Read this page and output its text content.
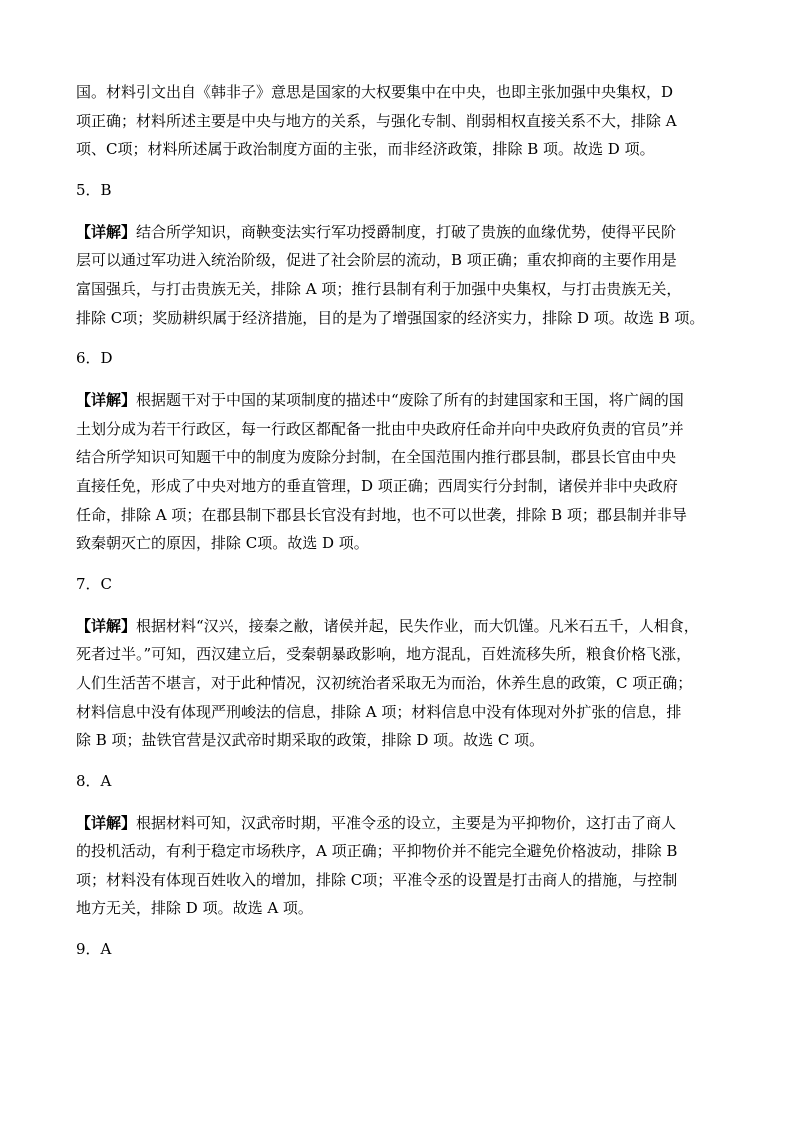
国。材料引文出自《韩非子》意思是国家的大权要集中在中央，也即主张加强中央集权，D
项正确；材料所述主要是中央与地方的关系，与强化专制、削弱相权直接关系不大，排除 A
项、C项；材料所述属于政治制度方面的主张，而非经济政策，排除 B 项。故选 D 项。
5．B
【详解】结合所学知识，商鞅变法实行军功授爵制度，打破了贵族的血缘优势，使得平民阶
层可以通过军功进入统治阶级，促进了社会阶层的流动，B 项正确；重农抑商的主要作用是
富国强兵，与打击贵族无关，排除 A 项；推行县制有利于加强中央集权，与打击贵族无关，
排除 C项；奖励耕织属于经济措施，目的是为了增强国家的经济实力，排除 D 项。故选 B 项。
6．D
【详解】根据题干对于中国的某项制度的描述中“废除了所有的封建国家和王国，将广阔的国
土划分成为若干行政区，每一行政区都配备一批由中央政府任命并向中央政府负责的官员”并
结合所学知识可知题干中的制度为废除分封制，在全国范围内推行郡县制，郡县长官由中央
直接任免，形成了中央对地方的垂直管理，D 项正确；西周实行分封制，诸侯并非中央政府
任命，排除 A 项；在郡县制下郡县长官没有封地，也不可以世袭，排除 B 项；郡县制并非导
致秦朝灭亡的原因，排除 C项。故选 D 项。
7．C
【详解】根据材料“汉兴，接秦之敝，诸侯并起，民失作业，而大饥馑。凡米石五千，人相食，
死者过半。”可知，西汉建立后，受秦朝暴政影响，地方混乱，百姓流移失所，粮食价格飞涨，
人们生活苦不堪言，对于此种情况，汉初统治者采取无为而治，休养生息的政策，C 项正确；
材料信息中没有体现严刑峻法的信息，排除 A 项；材料信息中没有体现对外扩张的信息，排
除 B 项；盐铁官营是汉武帝时期采取的政策，排除 D 项。故选 C 项。
8．A
【详解】根据材料可知，汉武帝时期，平准令丞的设立，主要是为平抑物价，这打击了商人
的投机活动，有利于稳定市场秩序，A 项正确；平抑物价并不能完全避免价格波动，排除 B
项；材料没有体现百姓收入的增加，排除 C项；平准令丞的设置是打击商人的措施，与控制
地方无关，排除 D 项。故选 A 项。
9．A
